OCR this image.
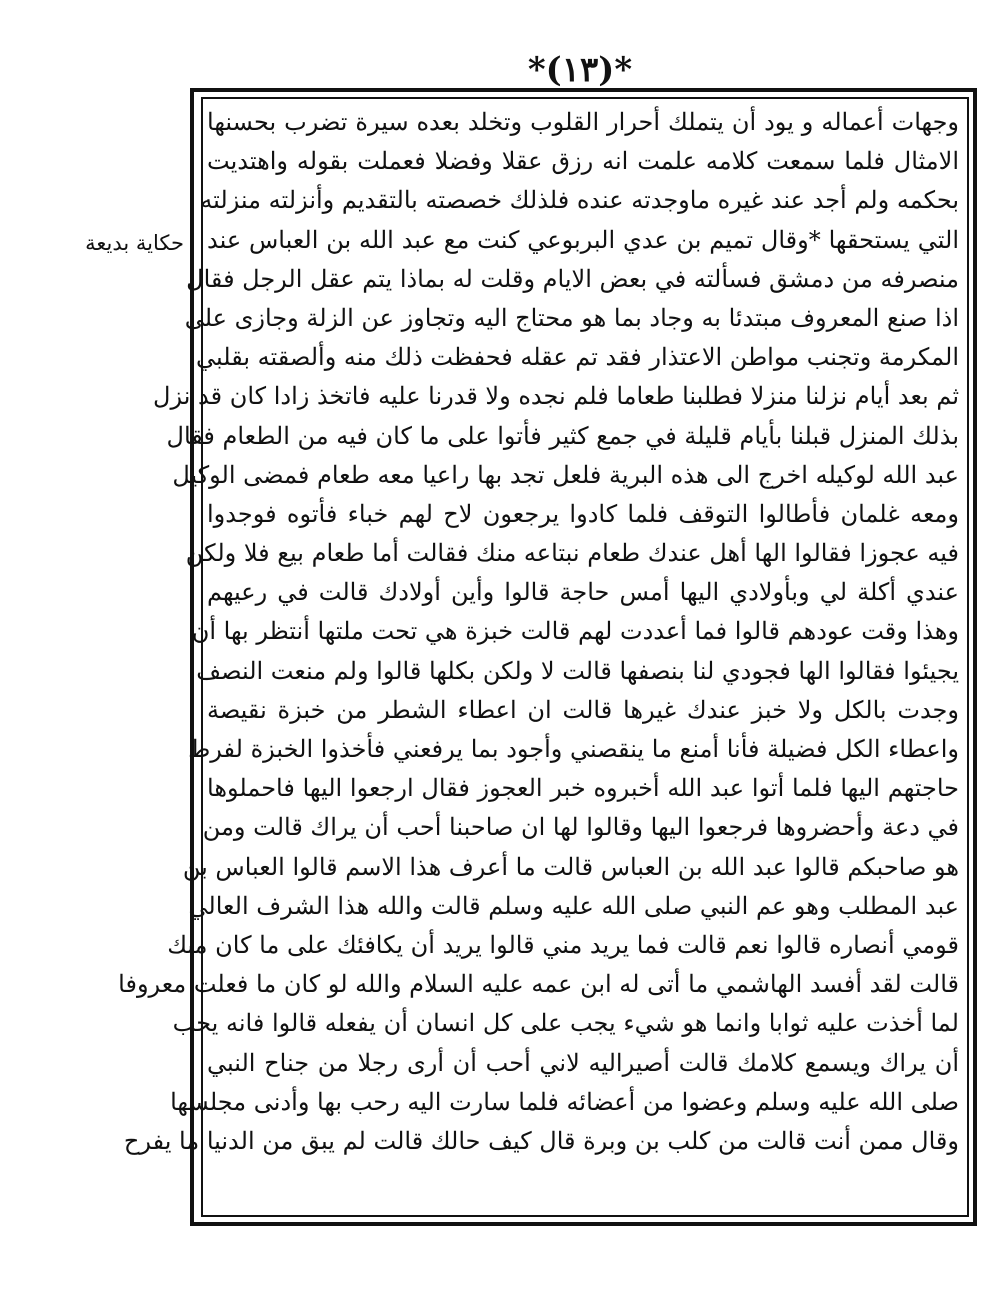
*(١٣)*
حكاية بديعة
وجهات أعماله و يود أن يتملك أحرار القلوب وتخلد بعده سيرة تضرب بحسنها
الامثال فلما سمعت كلامه علمت انه رزق عقلا وفضلا فعملت بقوله واهتديت
بحكمه ولم أجد عند غيره ماوجدته عنده فلذلك خصصته بالتقديم وأنزلته منزلته
التي يستحقها *وقال تميم بن عدي البربوعي كنت مع عبد الله بن العباس عند
منصرفه من دمشق فسألته في بعض الايام وقلت له بماذا يتم عقل الرجل فقال
اذا صنع المعروف مبتدئا به وجاد بما هو محتاج اليه وتجاوز عن الزلة وجازى على
المكرمة وتجنب مواطن الاعتذار فقد تم عقله فحفظت ذلك منه وألصقته بقلبي
ثم بعد أيام نزلنا منزلا فطلبنا طعاما فلم نجده ولا قدرنا عليه فاتخذ زادا كان قد نزل
بذلك المنزل قبلنا بأيام قليلة في جمع كثير فأتوا على ما كان فيه من الطعام فقال
عبد الله لوكيله اخرج الى هذه البرية فلعل تجد بها راعيا معه طعام فمضى الوكيل
ومعه غلمان فأطالوا التوقف فلما كادوا يرجعون لاح لهم خباء فأتوه فوجدوا
فيه عجوزا فقالوا الها أهل عندك طعام نبتاعه منك فقالت أما طعام بيع فلا ولكن
عندي أكلة لي وبأولادي اليها أمس حاجة قالوا وأين أولادك قالت في رعيهم
وهذا وقت عودهم قالوا فما أعددت لهم قالت خبزة هي تحت ملتها أنتظر بها أن
يجيئوا فقالوا الها فجودي لنا بنصفها قالت لا ولكن بكلها قالوا ولم منعت النصف
وجدت بالكل ولا خبز عندك غيرها قالت ان اعطاء الشطر من خبزة نقيصة
واعطاء الكل فضيلة فأنا أمنع ما ينقصني وأجود بما يرفعني فأخذوا الخبزة لفرط
حاجتهم اليها فلما أتوا عبد الله أخبروه خبر العجوز فقال ارجعوا اليها فاحملوها
في دعة وأحضروها فرجعوا اليها وقالوا لها ان صاحبنا أحب أن يراك قالت ومن
هو صاحبكم قالوا عبد الله بن العباس قالت ما أعرف هذا الاسم قالوا العباس بن
عبد المطلب وهو عم النبي صلى الله عليه وسلم قالت والله هذا الشرف العالي
قومي أنصاره قالوا نعم قالت فما يريد مني قالوا يريد أن يكافئك على ما كان منك
قالت لقد أفسد الهاشمي ما أتى له ابن عمه عليه السلام والله لو كان ما فعلت معروفا
لما أخذت عليه ثوابا وانما هو شيء يجب على كل انسان أن يفعله قالوا فانه يحب
أن يراك ويسمع كلامك قالت أصيراليه لاني أحب أن أرى رجلا من جناح النبي
صلى الله عليه وسلم وعضوا من أعضائه فلما سارت اليه رحب بها وأدنى مجلسها
وقال ممن أنت قالت من كلب بن وبرة قال كيف حالك قالت لم يبق من الدنيا ما يفرح
